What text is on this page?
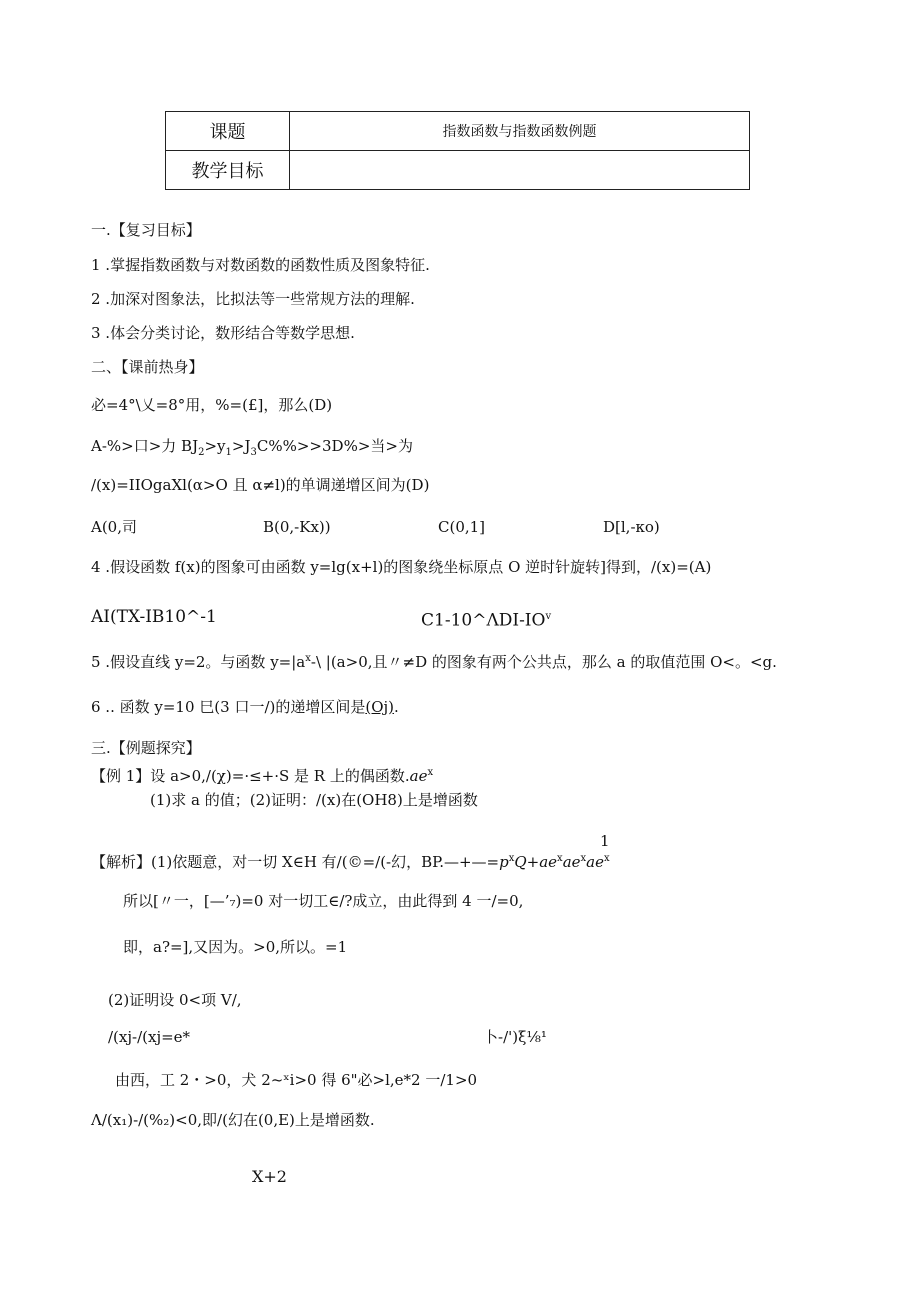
课题	指数函数与指数函数例题
教学目标	
一.【复习目标】
1 .掌握指数函数与对数函数的函数性质及图象特征.
2 .加深对图象法，比拟法等一些常规方法的理解.
3 .体会分类讨论，数形结合等数学思想.
二、【课前热身】
必=4°\乂=8°用，%=(£]，那么(D)
A-%>口>力 $BJ_2>y_1>J_3C\%\%>>3D\%>$当>为
/(x)=IIOgaXl(α>O 且 α≠l)的单调递增区间为(D)
A(0,司	B(0,-Kx))	C(0,1]	D[l,-κo)
4 .假设函数 f(x)的图象可由函数 y=lg(x+l)的图象绕坐标原点 O 逆时针旋转]得到，/(x)=(A)
AI(TX-IB10^-1	$C1-10\^{}\Lambda DI-IO^v$
5 .假设直线 y=2。与函数 $y=|a^x-\backslash$ |(a>0,且〃≠D 的图象有两个公共点，那么 a 的取值范围 O<。<g.
6 .. 函数 y=10 巳(3 口一/)的递增区间是(Oj).
三.【例题探究】
【例 1】设 a>0,/(χ)=·≤+·S 是 R 上的偶函数$.ae^x$
(1)求 a 的值；(2)证明：/(x)在(OH8)上是增函数
【解析】(1)依题意，对一切 X∈H 有/(©=/(-幻，$BP.—+—=p^xQ+ae^xae^xae^x$
1
所以[〃一，[—’₇)=0 对一切工∈/?成立，由此得到 4 一/=0,
即，a?=],又因为。>0,所以。=1
(2)证明设 0<项 V/,
/(xj-/(xj=e*	卜-/')ξ⅛¹
由西，工 2・>0，犬 2~ˣi>0 得 6"必>l,e*2 一/1>0
Λ/(x₁)-/(%₂)<0,即/(幻在(0,E)上是增函数.
X+2
